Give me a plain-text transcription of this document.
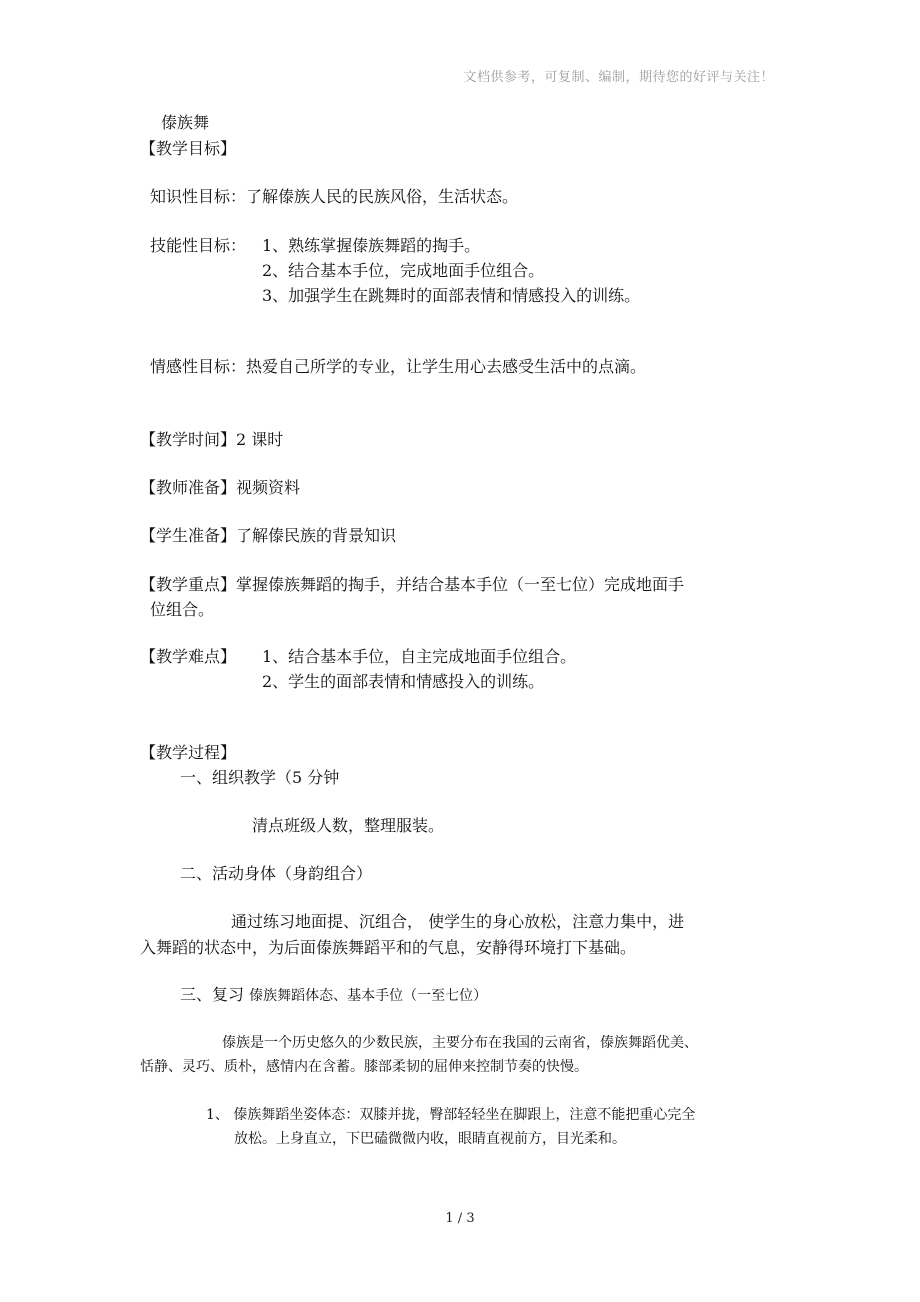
文档供参考，可复制、编制，期待您的好评与关注！
傣族舞
【教学目标】
知识性目标：了解傣族人民的民族风俗，生活状态。
技能性目标： 1、熟练掌握傣族舞蹈的掏手。
2、结合基本手位，完成地面手位组合。
3、加强学生在跳舞时的面部表情和情感投入的训练。
情感性目标：热爱自己所学的专业，让学生用心去感受生活中的点滴。
【教学时间】2 课时
【教师准备】视频资料
【学生准备】了解傣民族的背景知识
【教学重点】掌握傣族舞蹈的掏手，并结合基本手位（一至七位）完成地面手
位组合。
【教学难点】 1、结合基本手位，自主完成地面手位组合。
2、学生的面部表情和情感投入的训练。
【教学过程】
一、组织教学（5 分钟
清点班级人数，整理服装。
二、活动身体（身韵组合）
通过练习地面提、沉组合， 使学生的身心放松，注意力集中，进
入舞蹈的状态中，为后面傣族舞蹈平和的气息，安静得环境打下基础。
三、复习 傣族舞蹈体态、基本手位（一至七位）
傣族是一个历史悠久的少数民族，主要分布在我国的云南省，傣族舞蹈优美、
恬静、灵巧、质朴，感情内在含蓄。膝部柔韧的屈伸来控制节奏的快慢。
1、 傣族舞蹈坐姿体态：双膝并拢，臀部轻轻坐在脚跟上，注意不能把重心完全
放松。上身直立，下巴磕微微内收，眼睛直视前方，目光柔和。
1 / 3
